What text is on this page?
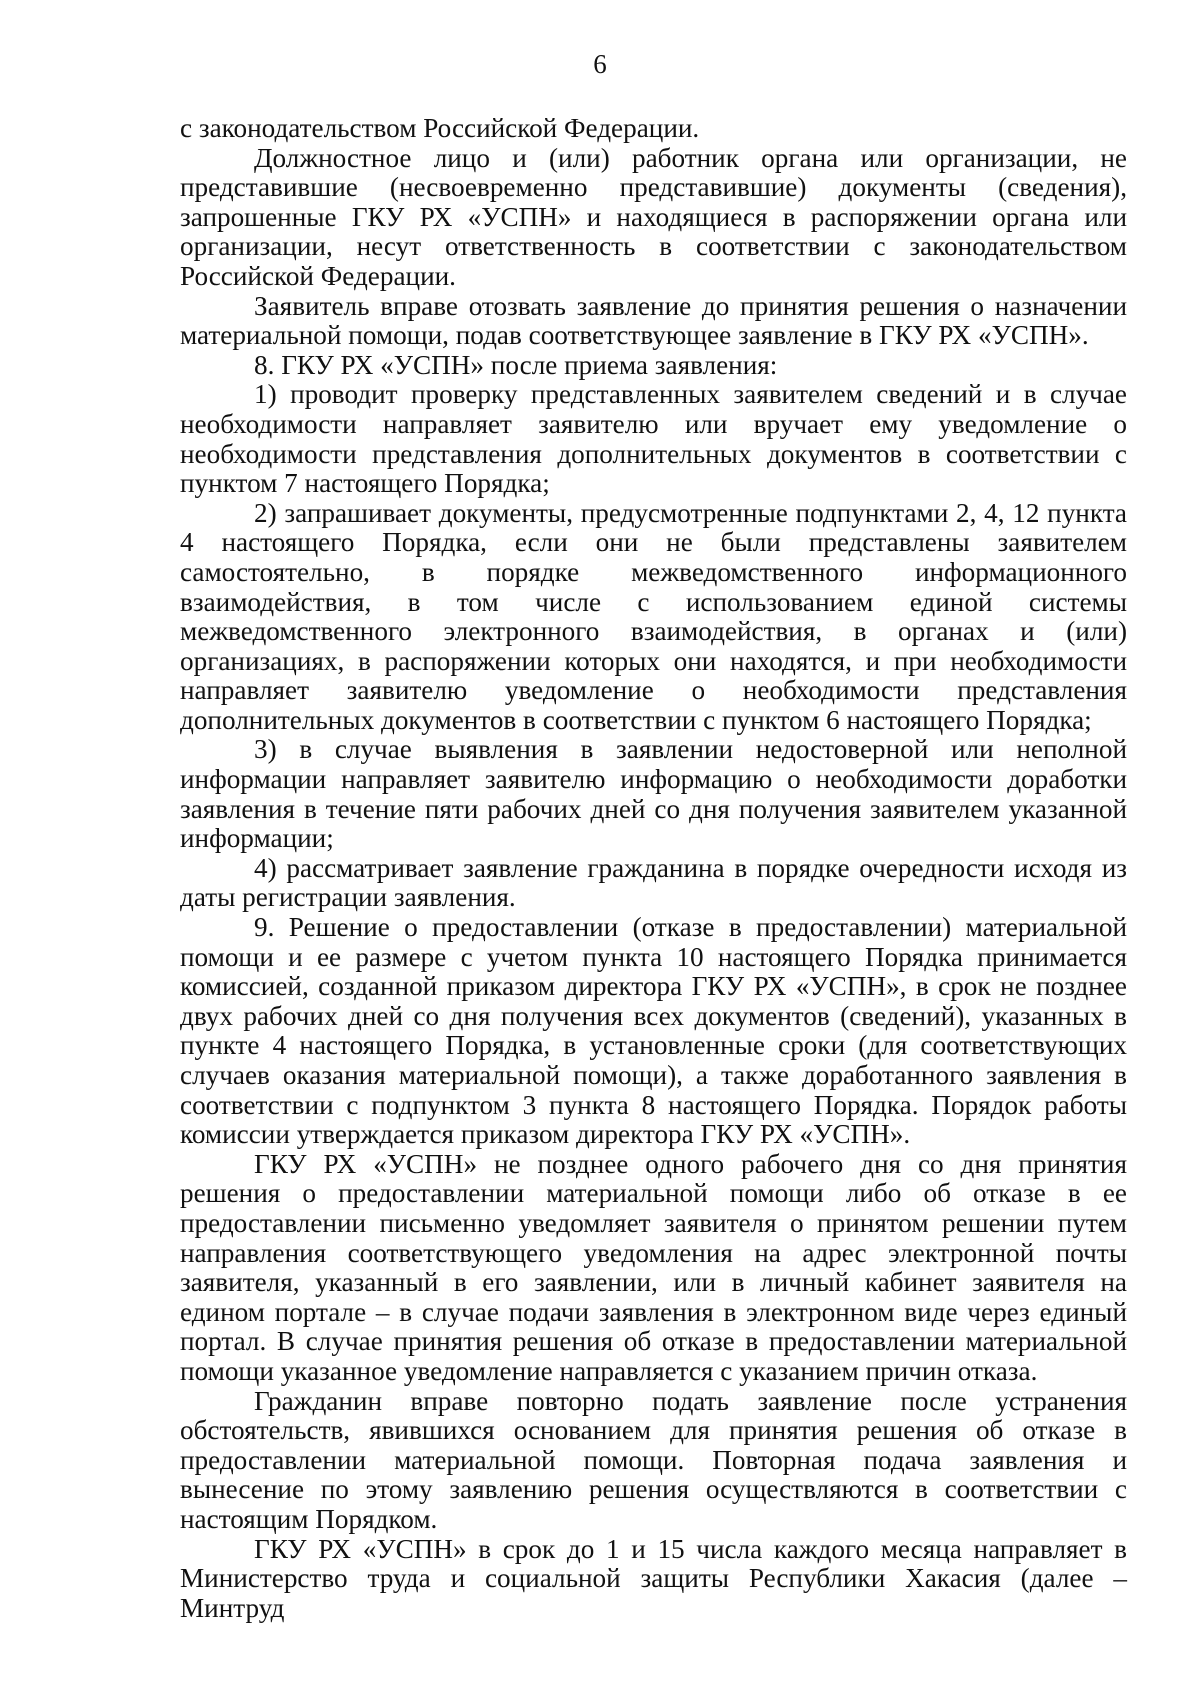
6

с законодательством Российской Федерации.

Должностное лицо и (или) работник органа или организации, не представившие (несвоевременно представившие) документы (сведения), запрошенные ГКУ РХ «УСПН» и находящиеся в распоряжении органа или организации, несут ответственность в соответствии с законодательством Российской Федерации.

Заявитель вправе отозвать заявление до принятия решения о назначении материальной помощи, подав соответствующее заявление в ГКУ РХ «УСПН».

8. ГКУ РХ «УСПН» после приема заявления:

1) проводит проверку представленных заявителем сведений и в случае необходимости направляет заявителю или вручает ему уведомление о необходимости представления дополнительных документов в соответствии с пунктом 7 настоящего Порядка;

2) запрашивает документы, предусмотренные подпунктами 2, 4, 12 пункта 4 настоящего Порядка, если они не были представлены заявителем самостоятельно, в порядке межведомственного информационного взаимодействия, в том числе с использованием единой системы межведомственного электронного взаимодействия, в органах и (или) организациях, в распоряжении которых они находятся, и при необходимости направляет заявителю уведомление о необходимости представления дополнительных документов в соответствии с пунктом 6 настоящего Порядка;

3) в случае выявления в заявлении недостоверной или неполной информации направляет заявителю информацию о необходимости доработки заявления в течение пяти рабочих дней со дня получения заявителем указанной информации;

4) рассматривает заявление гражданина в порядке очередности исходя из даты регистрации заявления.

9. Решение о предоставлении (отказе в предоставлении) материальной помощи и ее размере с учетом пункта 10 настоящего Порядка принимается комиссией, созданной приказом директора ГКУ РХ «УСПН», в срок не позднее двух рабочих дней со дня получения всех документов (сведений), указанных в пункте 4 настоящего Порядка, в установленные сроки (для соответствующих случаев оказания материальной помощи), а также доработанного заявления в соответствии с подпунктом 3 пункта 8 настоящего Порядка. Порядок работы комиссии утверждается приказом директора ГКУ РХ «УСПН».

ГКУ РХ «УСПН» не позднее одного рабочего дня со дня принятия решения о предоставлении материальной помощи либо об отказе в ее предоставлении письменно уведомляет заявителя о принятом решении путем направления соответствующего уведомления на адрес электронной почты заявителя, указанный в его заявлении, или в личный кабинет заявителя на едином портале – в случае подачи заявления в электронном виде через единый портал. В случае принятия решения об отказе в предоставлении материальной помощи указанное уведомление направляется с указанием причин отказа.

Гражданин вправе повторно подать заявление после устранения обстоятельств, явившихся основанием для принятия решения об отказе в предоставлении материальной помощи. Повторная подача заявления и вынесение по этому заявлению решения осуществляются в соответствии с настоящим Порядком.

ГКУ РХ «УСПН» в срок до 1 и 15 числа каждого месяца направляет в Министерство труда и социальной защиты Республики Хакасия (далее – Минтруд
